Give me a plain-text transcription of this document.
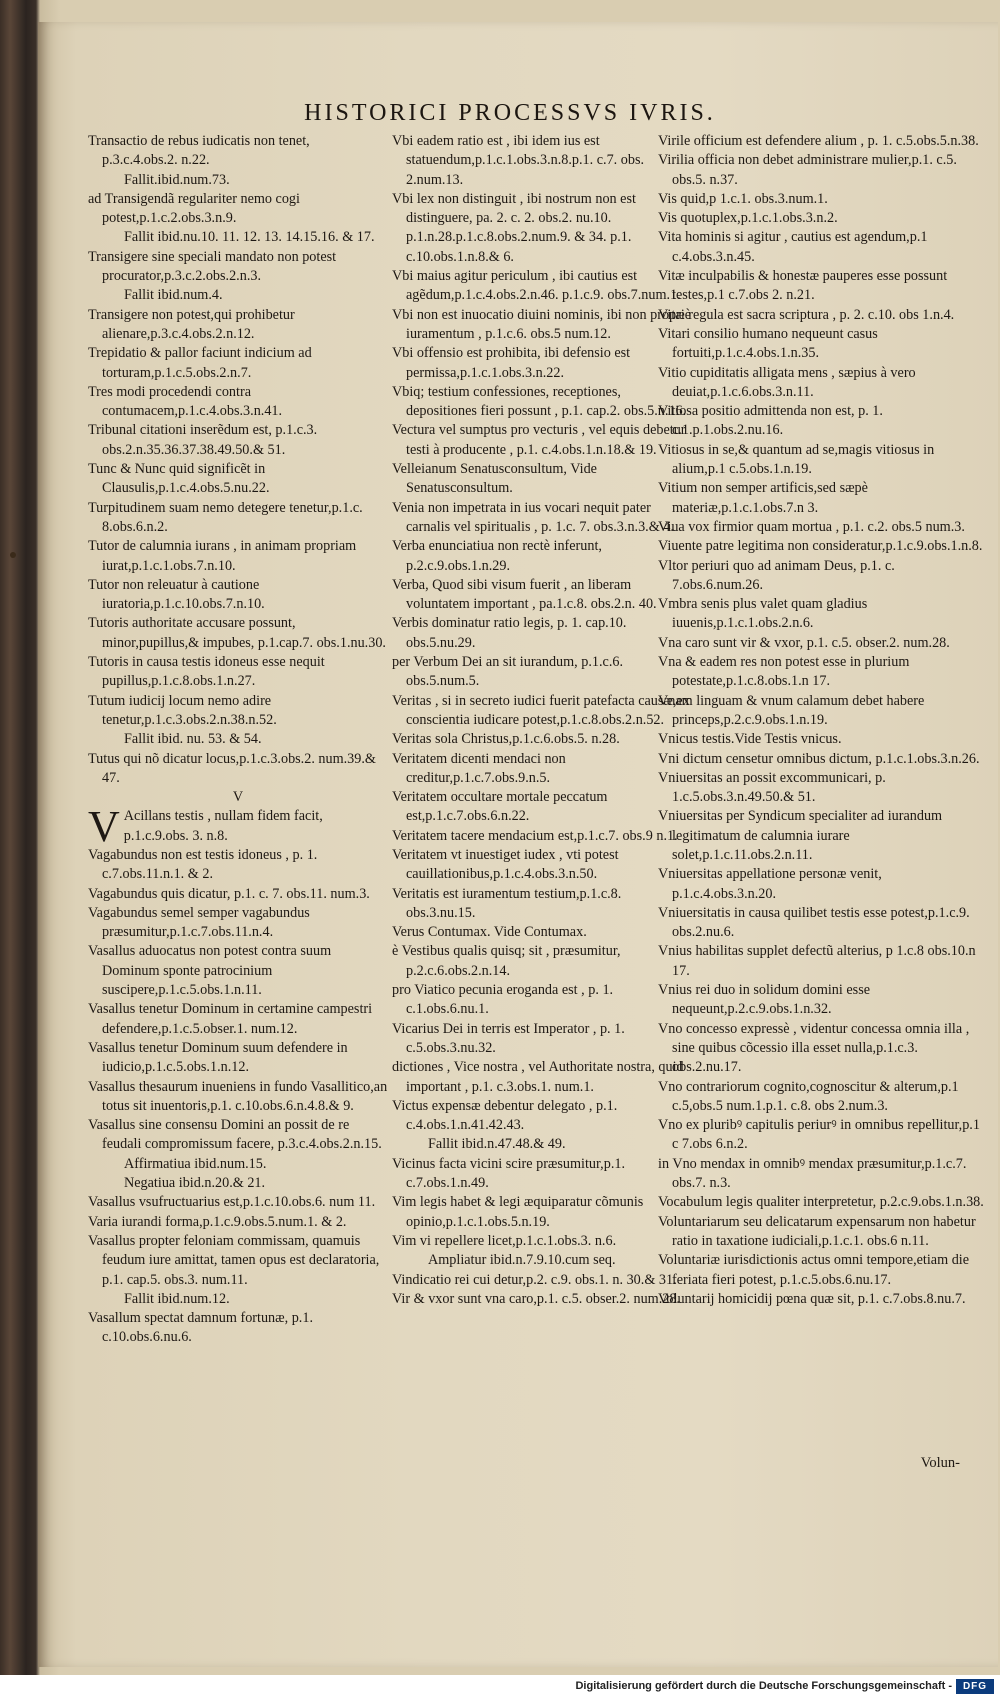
HISTORICI PROCESSVS IVRIS.

Transactio de rebus iudicatis non tenet, p.3.c.4.obs.2. n.22.

Fallit.ibid.num.73.

ad Transigendã regulariter nemo cogi potest,p.1.c.2.obs.3.n.9.

Fallit ibid.nu.10. 11. 12. 13. 14.15.16. & 17.

Transigere sine speciali mandato non potest procurator,p.3.c.2.obs.2.n.3.

Fallit ibid.num.4.

Transigere non potest,qui prohibetur alienare,p.3.c.4.obs.2.n.12.

Trepidatio & pallor faciunt indicium ad torturam,p.1.c.5.obs.2.n.7.

Tres modi procedendi contra contumacem,p.1.c.4.obs.3.n.41.

Tribunal citationi inserẽdum est, p.1.c.3. obs.2.n.35.36.37.38.49.50.& 51.

Tunc & Nunc quid significẽt in Clausulis,p.1.c.4.obs.5.nu.22.

Turpitudinem suam nemo detegere tenetur,p.1.c. 8.obs.6.n.2.

Tutor de calumnia iurans , in animam propriam iurat,p.1.c.1.obs.7.n.10.

Tutor non releuatur à cautione iuratoria,p.1.c.10.obs.7.n.10.

Tutoris authoritate accusare possunt, minor,pupillus,& impubes, p.1.cap.7. obs.1.nu.30.

Tutoris in causa testis idoneus esse nequit pupillus,p.1.c.8.obs.1.n.27.

Tutum iudicij locum nemo adire tenetur,p.1.c.3.obs.2.n.38.n.52.

Fallit ibid. nu. 53. & 54.

Tutus qui nõ dicatur locus,p.1.c.3.obs.2. num.39.& 47.

V

V Acillans testis , nullam fidem facit, p.1.c.9.obs. 3. n.8.

Vagabundus non est testis idoneus , p. 1. c.7.obs.11.n.1. & 2.

Vagabundus quis dicatur, p.1. c. 7. obs.11. num.3.

Vagabundus semel semper vagabundus præsumitur,p.1.c.7.obs.11.n.4.

Vasallus aduocatus non potest contra suum Dominum sponte patrocinium suscipere,p.1.c.5.obs.1.n.11.

Vasallus tenetur Dominum in certamine campestri defendere,p.1.c.5.obser.1. num.12.

Vasallus tenetur Dominum suum defendere in iudicio,p.1.c.5.obs.1.n.12.

Vasallus thesaurum inueniens in fundo Vasallitico,an totus sit inuentoris,p.1. c.10.obs.6.n.4.8.& 9.

Vasallus sine consensu Domini an possit de re feudali compromissum facere, p.3.c.4.obs.2.n.15.

Affirmatiua ibid.num.15.

Negatiua ibid.n.20.& 21.

Vasallus vsufructuarius est,p.1.c.10.obs.6. num 11.

Varia iurandi forma,p.1.c.9.obs.5.num.1. & 2.

Vasallus propter feloniam commissam, quamuis feudum iure amittat, tamen opus est declaratoria, p.1. cap.5. obs.3. num.11.

Fallit ibid.num.12.

Vasallum spectat damnum fortunæ, p.1. c.10.obs.6.nu.6.

Vbi eadem ratio est , ibi idem ius est statuendum,p.1.c.1.obs.3.n.8.p.1. c.7. obs. 2.num.13.

Vbi lex non distinguit , ibi nostrum non est distinguere, pa. 2. c. 2. obs.2. nu.10. p.1.n.28.p.1.c.8.obs.2.num.9. & 34. p.1. c.10.obs.1.n.8.& 6.

Vbi maius agitur periculum , ibi cautius est agẽdum,p.1.c.4.obs.2.n.46. p.1.c.9. obs.7.num.1.

Vbi non est inuocatio diuini nominis, ibi non propriè iuramentum , p.1.c.6. obs.5 num.12.

Vbi offensio est prohibita, ibi defensio est permissa,p.1.c.1.obs.3.n.22.

Vbiq; testium confessiones, receptiones, depositiones fieri possunt , p.1. cap.2. obs.5.n.16.

Vectura vel sumptus pro vecturis , vel equis debetur testi à producente , p.1. c.4.obs.1.n.18.& 19.

Velleianum Senatusconsultum, Vide Senatusconsultum.

Venia non impetrata in ius vocari nequit pater carnalis vel spiritualis , p. 1.c. 7. obs.3.n.3.& 4.

Verba enunciatiua non rectè inferunt, p.2.c.9.obs.1.n.29.

Verba, Quod sibi visum fuerit , an liberam voluntatem important , pa.1.c.8. obs.2.n. 40.

Verbis dominatur ratio legis, p. 1. cap.10. obs.5.nu.29.

per Verbum Dei an sit iurandum, p.1.c.6. obs.5.num.5.

Veritas , si in secreto iudici fuerit patefacta causæ,ex conscientia iudicare potest,p.1.c.8.obs.2.n.52.

Veritas sola Christus,p.1.c.6.obs.5. n.28.

Veritatem dicenti mendaci non creditur,p.1.c.7.obs.9.n.5.

Veritatem occultare mortale peccatum est,p.1.c.7.obs.6.n.22.

Veritatem tacere mendacium est,p.1.c.7. obs.9 n.1.

Veritatem vt inuestiget iudex , vti potest cauillationibus,p.1.c.4.obs.3.n.50.

Veritatis est iuramentum testium,p.1.c.8. obs.3.nu.15.

Verus Contumax. Vide Contumax.

è Vestibus qualis quisq; sit , præsumitur, p.2.c.6.obs.2.n.14.

pro Viatico pecunia eroganda est , p. 1. c.1.obs.6.nu.1.

Vicarius Dei in terris est Imperator , p. 1. c.5.obs.3.nu.32.

dictiones , Vice nostra , vel Authoritate nostra, quid important , p.1. c.3.obs.1. num.1.

Victus expensæ debentur delegato , p.1. c.4.obs.1.n.41.42.43.

Fallit ibid.n.47.48.& 49.

Vicinus facta vicini scire præsumitur,p.1. c.7.obs.1.n.49.

Vim legis habet & legi æquiparatur cõmunis opinio,p.1.c.1.obs.5.n.19.

Vim vi repellere licet,p.1.c.1.obs.3. n.6.

Ampliatur ibid.n.7.9.10.cum seq.

Vindicatio rei cui detur,p.2. c.9. obs.1. n. 30.& 31.

Vir & vxor sunt vna caro,p.1. c.5. obser.2. num.28.

Virile officium est defendere alium , p. 1. c.5.obs.5.n.38.

Virilia officia non debet administrare mulier,p.1. c.5. obs.5. n.37.

Vis quid,p 1.c.1. obs.3.num.1.

Vis quotuplex,p.1.c.1.obs.3.n.2.

Vita hominis si agitur , cautius est agendum,p.1 c.4.obs.3.n.45.

Vitæ inculpabilis & honestæ pauperes esse possunt testes,p.1 c.7.obs 2. n.21.

Vitæ regula est sacra scriptura , p. 2. c.10. obs 1.n.4.

Vitari consilio humano nequeunt casus fortuiti,p.1.c.4.obs.1.n.35.

Vitio cupiditatis alligata mens , sæpius à vero deuiat,p.1.c.6.obs.3.n.11.

Vitiosa positio admittenda non est, p. 1. c.1.p.1.obs.2.nu.16.

Vitiosus in se,& quantum ad se,magis vitiosus in alium,p.1 c.5.obs.1.n.19.

Vitium non semper artificis,sed sæpè materiæ,p.1.c.1.obs.7.n 3.

Viua vox firmior quam mortua , p.1. c.2. obs.5 num.3.

Viuente patre legitima non consideratur,p.1.c.9.obs.1.n.8.

Vltor periuri quo ad animam Deus, p.1. c. 7.obs.6.num.26.

Vmbra senis plus valet quam gladius iuuenis,p.1.c.1.obs.2.n.6.

Vna caro sunt vir & vxor, p.1. c.5. obser.2. num.28.

Vna & eadem res non potest esse in plurium potestate,p.1.c.8.obs.1.n 17.

Vnam linguam & vnum calamum debet habere princeps,p.2.c.9.obs.1.n.19.

Vnicus testis.Vide Testis vnicus.

Vni dictum censetur omnibus dictum, p.1.c.1.obs.3.n.26.

Vniuersitas an possit excommunicari, p. 1.c.5.obs.3.n.49.50.& 51.

Vniuersitas per Syndicum specialiter ad iurandum legitimatum de calumnia iurare solet,p.1.c.11.obs.2.n.11.

Vniuersitas appellatione personæ venit, p.1.c.4.obs.3.n.20.

Vniuersitatis in causa quilibet testis esse potest,p.1.c.9. obs.2.nu.6.

Vnius habilitas supplet defectũ alterius, p 1.c.8 obs.10.n 17.

Vnius rei duo in solidum domini esse nequeunt,p.2.c.9.obs.1.n.32.

Vno concesso expressè , videntur concessa omnia illa , sine quibus cõcessio illa esset nulla,p.1.c.3. obs.2.nu.17.

Vno contrariorum cognito,cognoscitur & alterum,p.1 c.5,obs.5 num.1.p.1. c.8. obs 2.num.3.

Vno ex pluribꝰ capitulis periurꝰ in omnibus repellitur,p.1 c 7.obs 6.n.2.

in Vno mendax in omnibꝰ mendax præsumitur,p.1.c.7. obs.7. n.3.

Vocabulum legis qualiter interpretetur, p.2.c.9.obs.1.n.38.

Voluntariarum seu delicatarum expensarum non habetur ratio in taxatione iudiciali,p.1.c.1. obs.6 n.11.

Voluntariæ iurisdictionis actus omni tempore,etiam die feriata fieri potest, p.1.c.5.obs.6.nu.17.

Voluntarij homicidij pœna quæ sit, p.1. c.7.obs.8.nu.7.

Volun-
Digitalisierung gefördert durch die Deutsche Forschungsgemeinschaft -	DFG
